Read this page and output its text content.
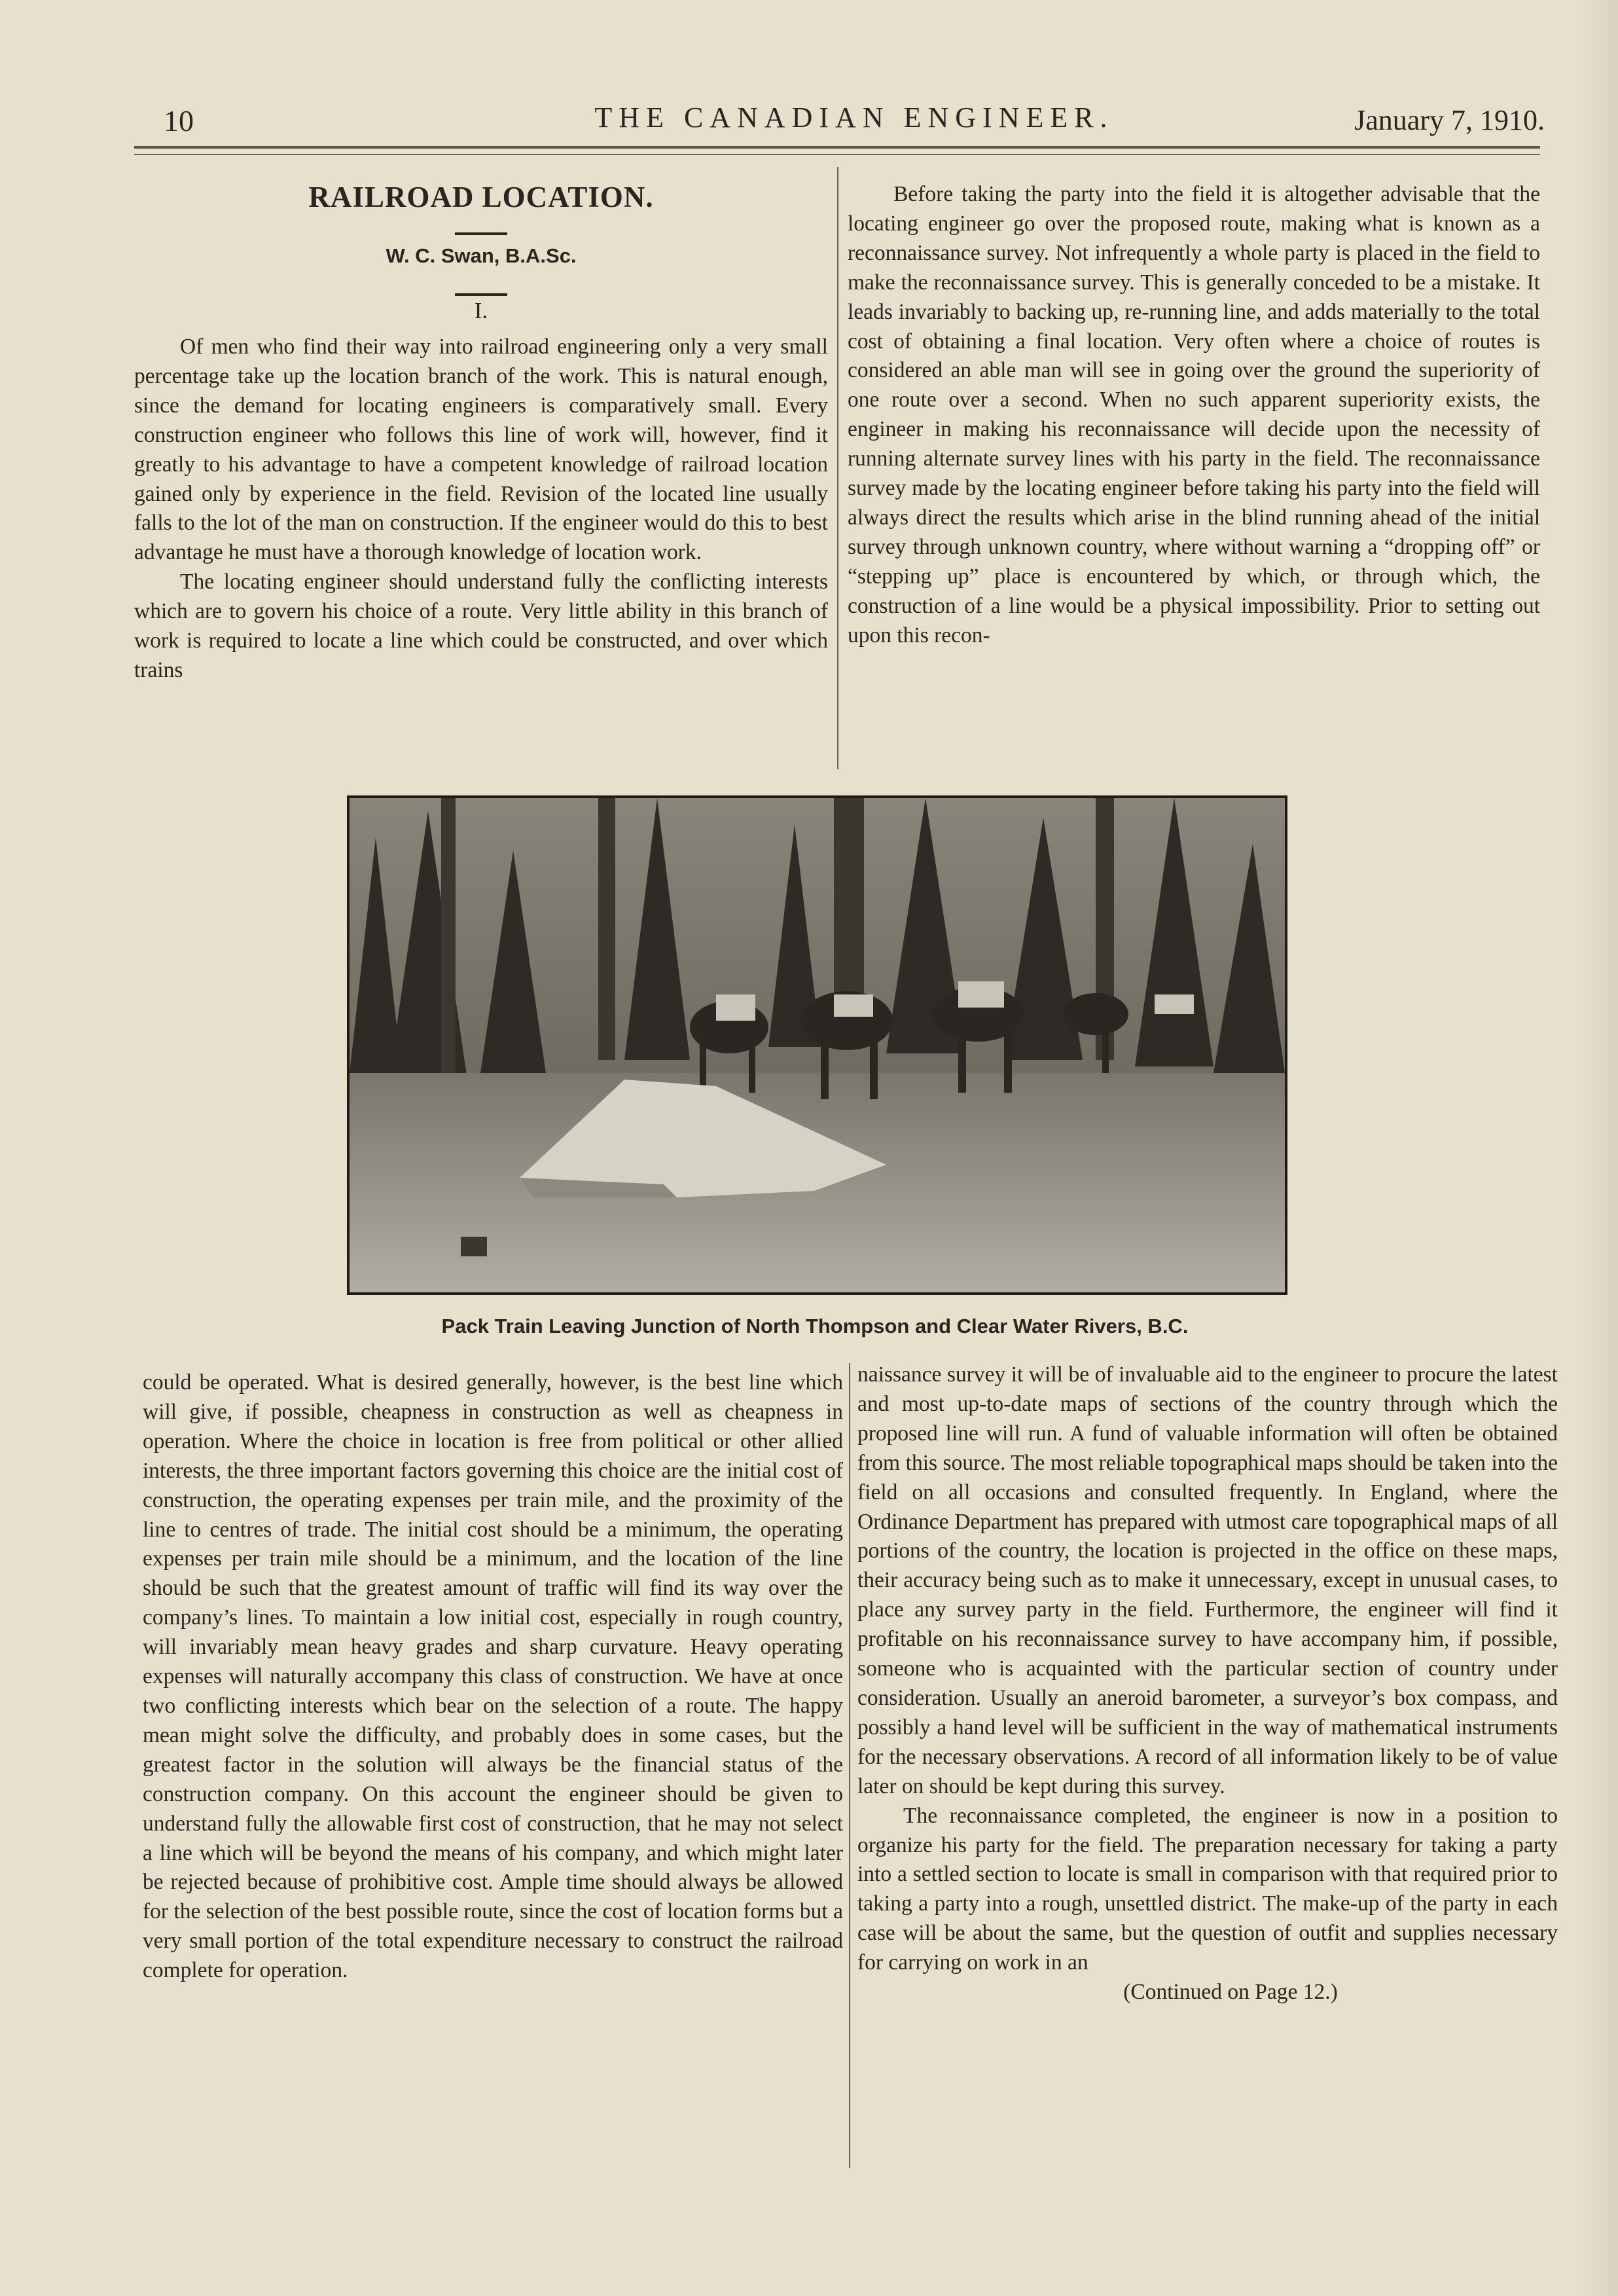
10	THE CANADIAN ENGINEER.	January 7, 1910.
RAILROAD LOCATION.
W. C. Swan, B.A.Sc.
I.

Of men who find their way into railroad engineering only a very small percentage take up the location branch of the work. This is natural enough, since the demand for locating engineers is comparatively small. Every construction engineer who follows this line of work will, however, find it greatly to his advantage to have a competent knowledge of railroad location gained only by experience in the field. Revision of the located line usually falls to the lot of the man on construction. If the engineer would do this to best advantage he must have a thorough knowledge of location work.

The locating engineer should understand fully the conflicting interests which are to govern his choice of a route. Very little ability in this branch of work is required to locate a line which could be constructed, and over which trains

Before taking the party into the field it is altogether advisable that the locating engineer go over the proposed route, making what is known as a reconnaissance survey. Not infrequently a whole party is placed in the field to make the reconnaissance survey. This is generally conceded to be a mistake. It leads invariably to backing up, re-running line, and adds materially to the total cost of obtaining a final location. Very often where a choice of routes is considered an able man will see in going over the ground the superiority of one route over a second. When no such apparent superiority exists, the engineer in making his reconnaissance will decide upon the necessity of running alternate survey lines with his party in the field. The reconnaissance survey made by the locating engineer before taking his party into the field will always direct the results which arise in the blind running ahead of the initial survey through unknown country, where without warning a “dropping off” or “stepping up” place is encountered by which, or through which, the construction of a line would be a physical impossibility. Prior to setting out upon this recon-

Pack Train Leaving Junction of North Thompson and Clear Water Rivers, B.C.

could be operated. What is desired generally, however, is the best line which will give, if possible, cheapness in construction as well as cheapness in operation. Where the choice in location is free from political or other allied interests, the three important factors governing this choice are the initial cost of construction, the operating expenses per train mile, and the proximity of the line to centres of trade. The initial cost should be a minimum, the operating expenses per train mile should be a minimum, and the location of the line should be such that the greatest amount of traffic will find its way over the company’s lines. To maintain a low initial cost, especially in rough country, will invariably mean heavy grades and sharp curvature. Heavy operating expenses will naturally accompany this class of construction. We have at once two conflicting interests which bear on the selection of a route. The happy mean might solve the difficulty, and probably does in some cases, but the greatest factor in the solution will always be the financial status of the construction company. On this account the engineer should be given to understand fully the allowable first cost of construction, that he may not select a line which will be beyond the means of his company, and which might later be rejected because of prohibitive cost. Ample time should always be allowed for the selection of the best possible route, since the cost of location forms but a very small portion of the total expenditure necessary to construct the railroad complete for operation.

naissance survey it will be of invaluable aid to the engineer to procure the latest and most up-to-date maps of sections of the country through which the proposed line will run. A fund of valuable information will often be obtained from this source. The most reliable topographical maps should be taken into the field on all occasions and consulted frequently. In England, where the Ordinance Department has prepared with utmost care topographical maps of all portions of the country, the location is projected in the office on these maps, their accuracy being such as to make it unnecessary, except in unusual cases, to place any survey party in the field. Furthermore, the engineer will find it profitable on his reconnaissance survey to have accompany him, if possible, someone who is acquainted with the particular section of country under consideration. Usually an aneroid barometer, a surveyor’s box compass, and possibly a hand level will be sufficient in the way of mathematical instruments for the necessary observations. A record of all information likely to be of value later on should be kept during this survey.

The reconnaissance completed, the engineer is now in a position to organize his party for the field. The preparation necessary for taking a party into a settled section to locate is small in comparison with that required prior to taking a party into a rough, unsettled district. The make-up of the party in each case will be about the same, but the question of outfit and supplies necessary for carrying on work in an

(Continued on Page 12.)
